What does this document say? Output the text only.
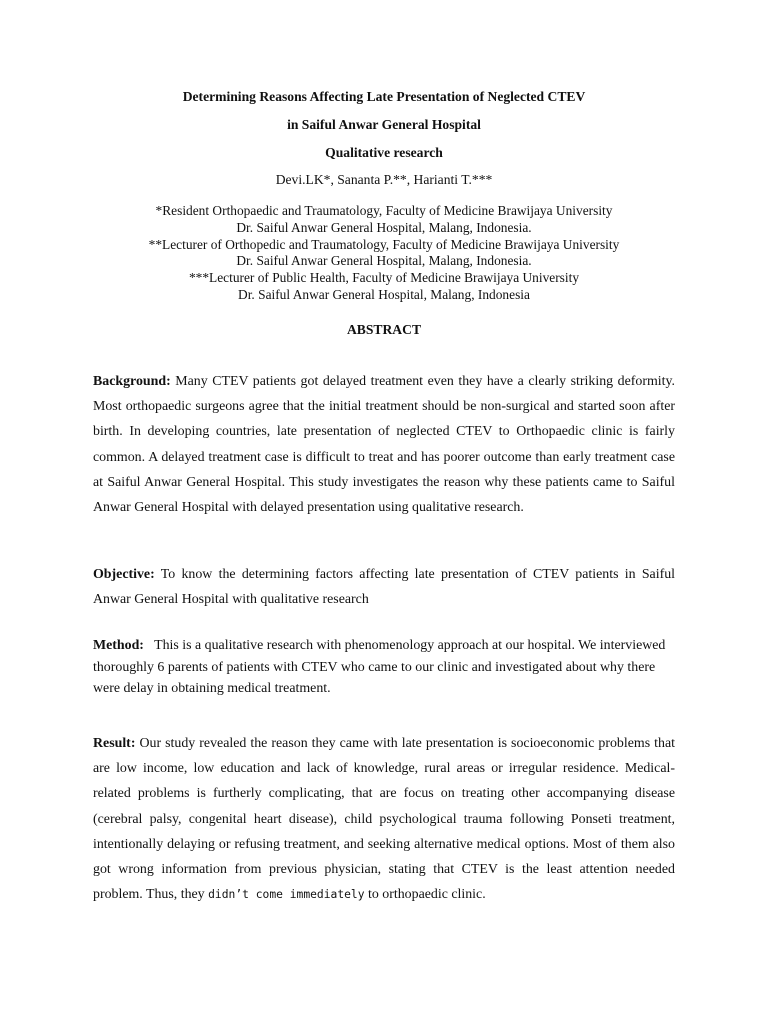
Determining Reasons Affecting Late Presentation of Neglected CTEV

in Saiful Anwar General Hospital

Qualitative research

Devi.LK*, Sananta P.**, Harianti T.***

*Resident Orthopaedic and Traumatology, Faculty of Medicine Brawijaya University
Dr. Saiful Anwar General Hospital, Malang, Indonesia.
**Lecturer of Orthopedic and Traumatology, Faculty of Medicine Brawijaya University
Dr. Saiful Anwar General Hospital, Malang, Indonesia.
***Lecturer of Public Health, Faculty of Medicine Brawijaya University
Dr. Saiful Anwar General Hospital, Malang, Indonesia

ABSTRACT

Background: Many CTEV patients got delayed treatment even they have a clearly striking deformity. Most orthopaedic surgeons agree that the initial treatment should be non-surgical and started soon after birth. In developing countries, late presentation of neglected CTEV to Orthopaedic clinic is fairly common. A delayed treatment case is difficult to treat and has poorer outcome than early treatment case at Saiful Anwar General Hospital. This study investigates the reason why these patients came to Saiful Anwar General Hospital with delayed presentation using qualitative research.

Objective: To know the determining factors affecting late presentation of CTEV patients in Saiful Anwar General Hospital with qualitative research

Method:   This is a qualitative research with phenomenology approach at our hospital. We interviewed thoroughly 6 parents of patients with CTEV who came to our clinic and investigated about why there were delay in obtaining medical treatment.

Result: Our study revealed the reason they came with late presentation is socioeconomic problems that are low income, low education and lack of knowledge, rural areas or irregular residence. Medical-related problems is furtherly complicating, that are focus on treating other accompanying disease (cerebral palsy, congenital heart disease), child psychological trauma following Ponseti treatment, intentionally delaying or refusing treatment, and seeking alternative medical options. Most of them also got wrong information from previous physician, stating that CTEV is the least attention needed problem. Thus, they didn’t come immediately to orthopaedic clinic.
